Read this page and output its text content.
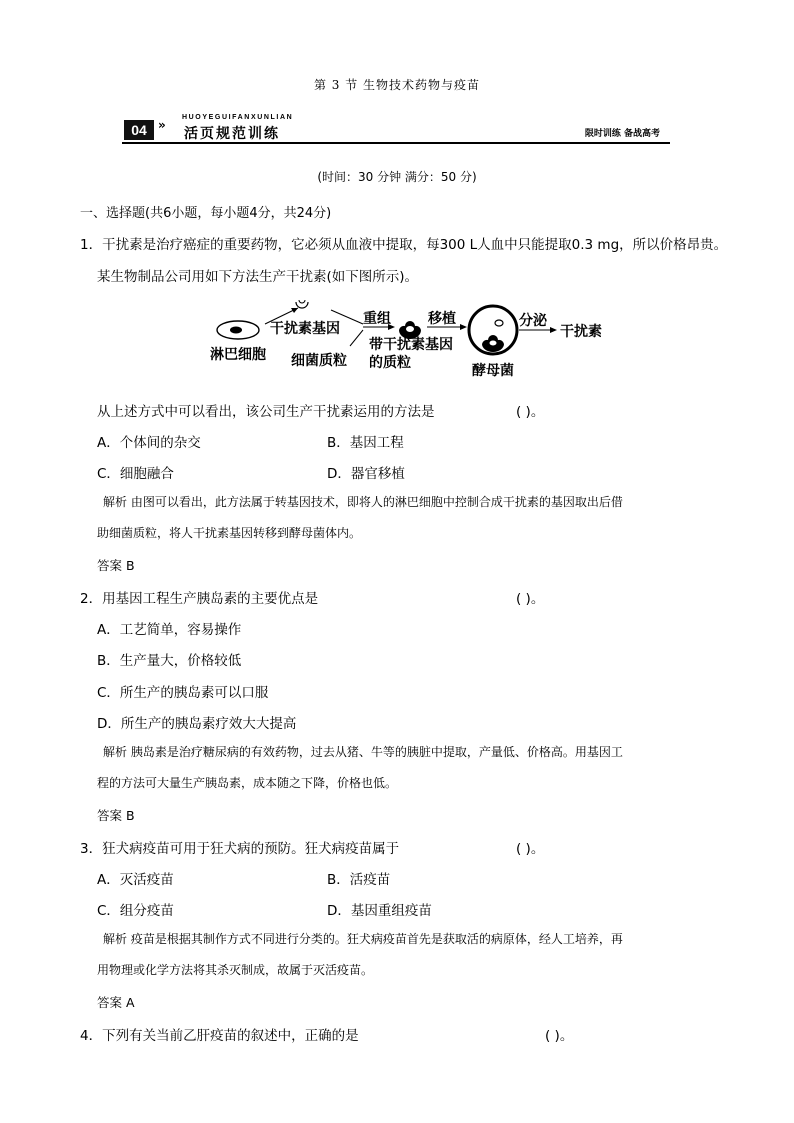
第 3 节 生物技术药物与疫苗
04 »
HUOYEGUIFANXUNLIAN
活页规范训练	限时训练 备战高考
(时间：30 分钟 满分：50 分)
一、选择题(共6小题，每小题4分，共24分)
1．干扰素是治疗癌症的重要药物，它必须从血液中提取，每300 L人血中只能提取0.3 mg，所以价格昂贵。
某生物制品公司用如下方法生产干扰素(如下图所示)。
淋巴细胞
干扰素基因
细菌质粒
重组
带干扰素基因
的质粒
移植
酵母菌
分泌
干扰素
从上述方式中可以看出，该公司生产干扰素运用的方法是	( )。
A．个体间的杂交	B．基因工程
C．细胞融合	D．器官移植
解析 由图可以看出，此方法属于转基因技术，即将人的淋巴细胞中控制合成干扰素的基因取出后借
助细菌质粒，将人干扰素基因转移到酵母菌体内。
答案 B
2．用基因工程生产胰岛素的主要优点是	( )。
A．工艺简单，容易操作
B．生产量大，价格较低
C．所生产的胰岛素可以口服
D．所生产的胰岛素疗效大大提高
解析 胰岛素是治疗糖尿病的有效药物，过去从猪、牛等的胰脏中提取，产量低、价格高。用基因工
程的方法可大量生产胰岛素，成本随之下降，价格也低。
答案 B
3．狂犬病疫苗可用于狂犬病的预防。狂犬病疫苗属于	( )。
A．灭活疫苗	B．活疫苗
C．组分疫苗	D．基因重组疫苗
解析 疫苗是根据其制作方式不同进行分类的。狂犬病疫苗首先是获取活的病原体，经人工培养，再
用物理或化学方法将其杀灭制成，故属于灭活疫苗。
答案 A
4．下列有关当前乙肝疫苗的叙述中，正确的是	( )。
